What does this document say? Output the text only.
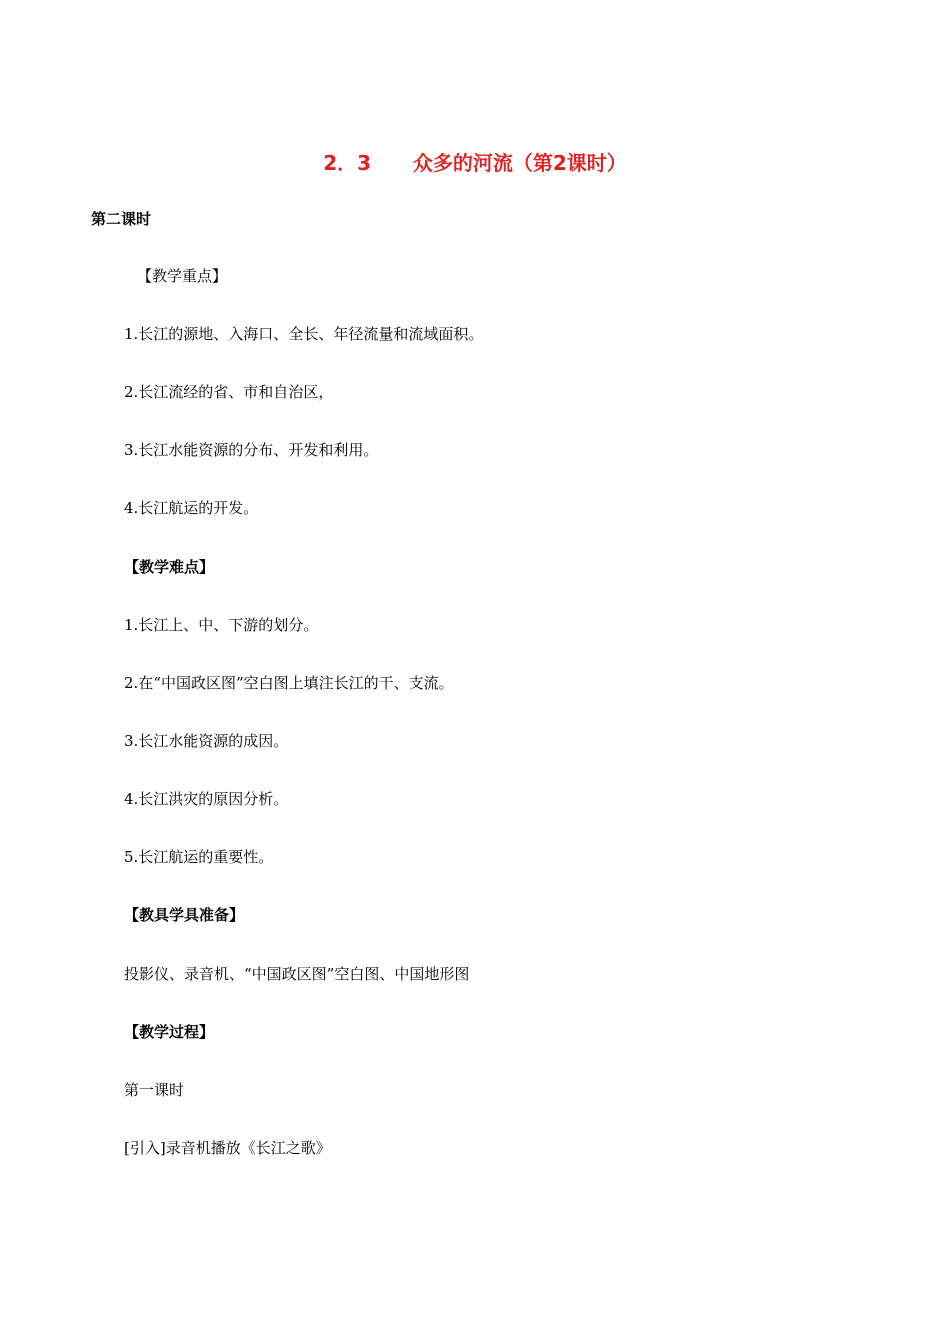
2．3      众多的河流（第2课时）
第二课时
【教学重点】
1.长江的源地、入海口、全长、年径流量和流域面积。
2.长江流经的省、市和自治区，
3.长江水能资源的分布、开发和利用。
4.长江航运的开发。
【教学难点】
1.长江上、中、下游的划分。
2.在“中国政区图”空白图上填注长江的干、支流。
3.长江水能资源的成因。
4.长江洪灾的原因分析。
5.长江航运的重要性。
【教具学具准备】
投影仪、录音机、“中国政区图”空白图、中国地形图
【教学过程】
第一课时
[引入]录音机播放《长江之歌》
